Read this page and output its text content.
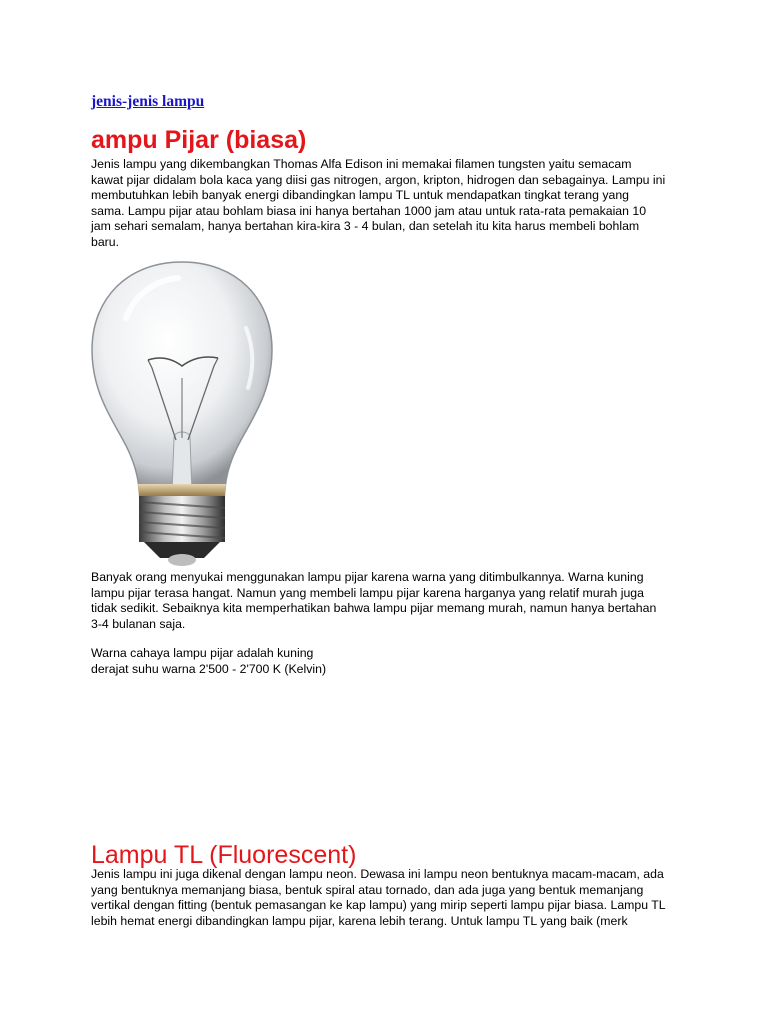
jenis-jenis lampu
ampu Pijar (biasa)

Jenis lampu yang dikembangkan Thomas Alfa Edison ini memakai filamen tungsten yaitu semacam
kawat pijar didalam bola kaca yang diisi gas nitrogen, argon, kripton, hidrogen dan sebagainya. Lampu ini
membutuhkan lebih banyak energi dibandingkan lampu TL untuk mendapatkan tingkat terang yang
sama. Lampu pijar atau bohlam biasa ini hanya bertahan 1000 jam atau untuk rata-rata pemakaian 10
jam sehari semalam, hanya bertahan kira-kira 3 - 4 bulan, dan setelah itu kita harus membeli bohlam
baru.

Banyak orang menyukai menggunakan lampu pijar karena warna yang ditimbulkannya. Warna kuning
lampu pijar terasa hangat. Namun yang membeli lampu pijar karena harganya yang relatif murah juga
tidak sedikit. Sebaiknya kita memperhatikan bahwa lampu pijar memang murah, namun hanya bertahan
3-4 bulanan saja.

Warna cahaya lampu pijar adalah kuning
derajat suhu warna 2'500 - 2'700 K (Kelvin)

Lampu TL (Fluorescent)

Jenis lampu ini juga dikenal dengan lampu neon. Dewasa ini lampu neon bentuknya macam-macam, ada
yang bentuknya memanjang biasa, bentuk spiral atau tornado, dan ada juga yang bentuk memanjang
vertikal dengan fitting (bentuk pemasangan ke kap lampu) yang mirip seperti lampu pijar biasa. Lampu TL
lebih hemat energi dibandingkan lampu pijar, karena lebih terang. Untuk lampu TL yang baik (merk
